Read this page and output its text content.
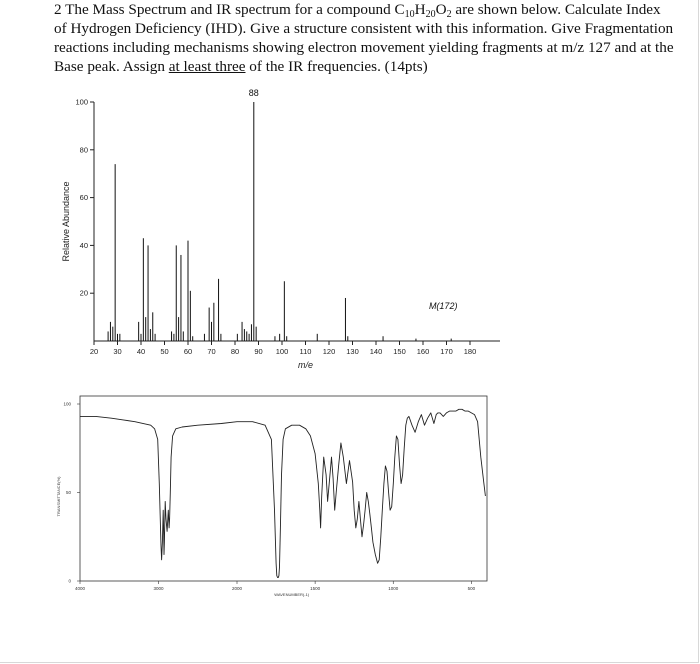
2 The Mass Spectrum and IR spectrum for a compound $C_{10}H_{20}O_2$ are shown below. Calculate Index of Hydrogen Deficiency (IHD). Give a structure consistent with this information. Give Fragmentation reactions including mechanisms showing electron movement yielding fragments at m/z 127 and at the Base peak. Assign at least three of the IR frequencies. (14pts)

20
40
60
80
100
20 30 40 50 60 70 80 90 100 110 120 130 140 150 160 170 180
m/e
Relative Abundance
88
M(172)
0
50
100
4000	3000	2000	1500	1000	500
WAVENUMBER(-1)
TRANSMITTANCE(%)
